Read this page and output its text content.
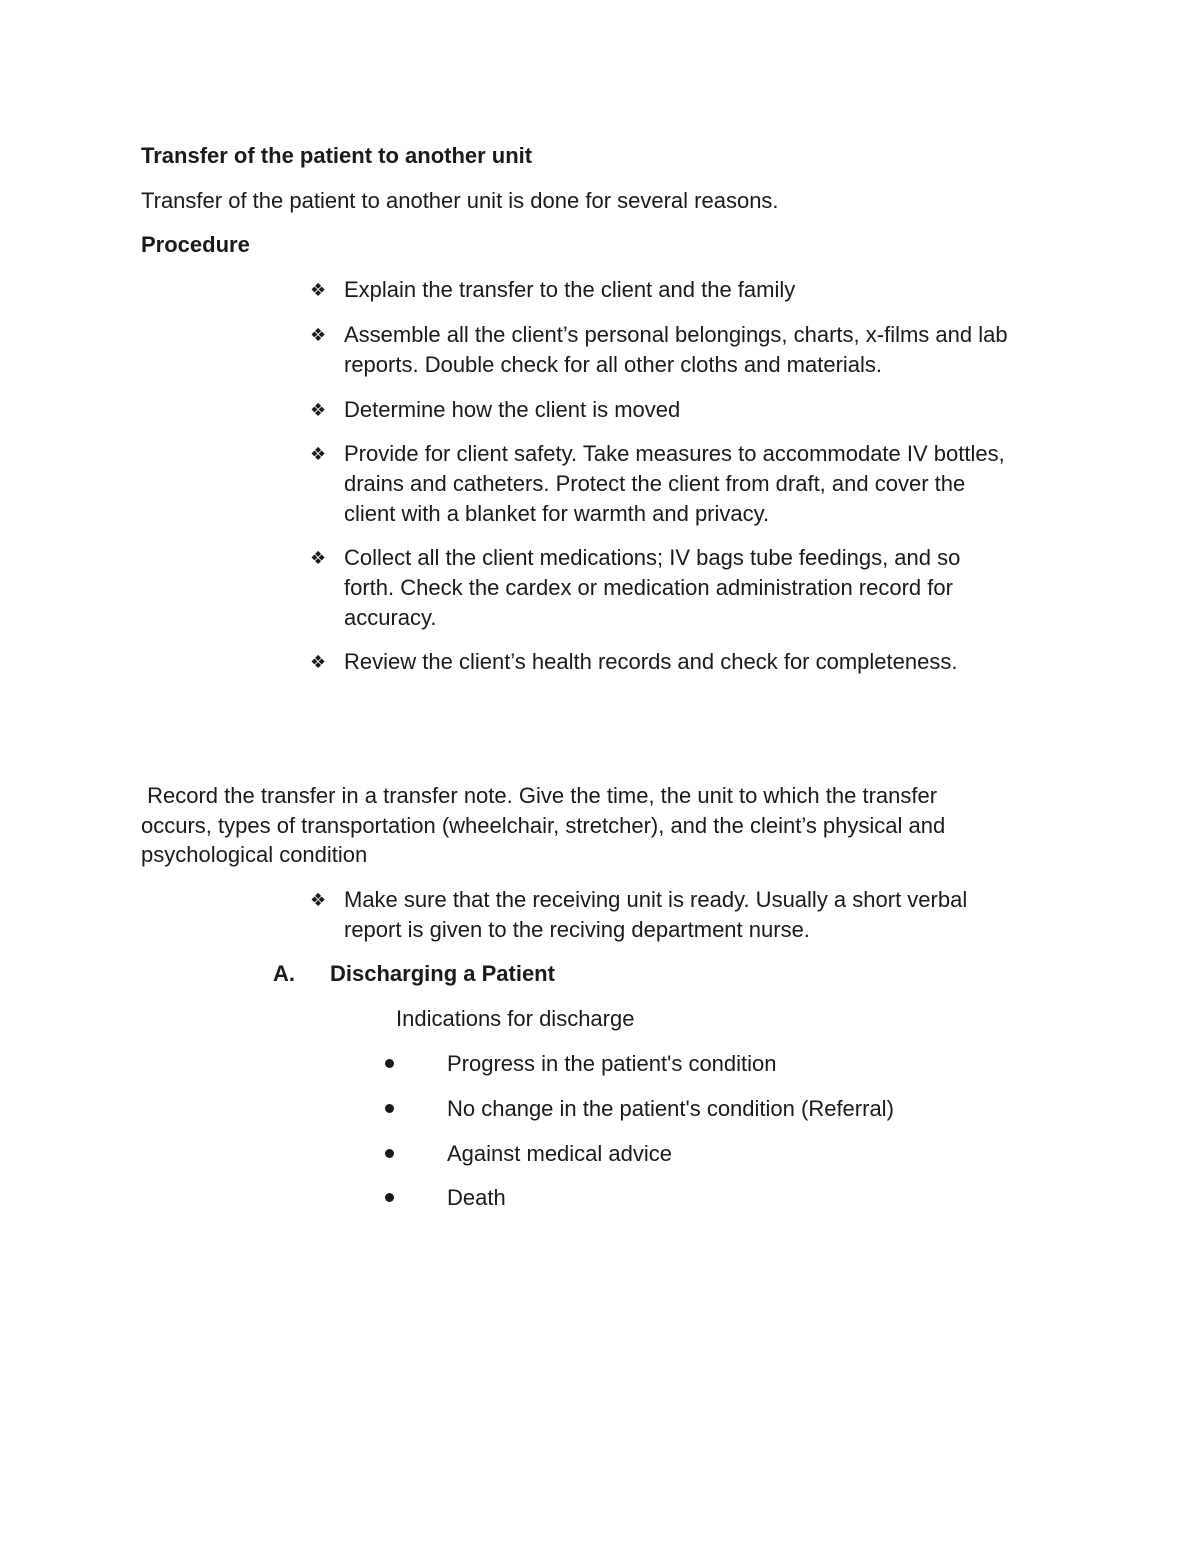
Transfer of the patient to another unit
Transfer of the patient to another unit is done for several reasons.
Procedure
❖ Explain the transfer to the client and the family
❖ Assemble all the client’s personal belongings, charts, x-films and lab
reports. Double check for all other cloths and materials.
❖ Determine how the client is moved
❖ Provide for client safety. Take measures to accommodate IV bottles,
drains and catheters. Protect the client from draft, and cover the
client with a blanket for warmth and privacy.
❖ Collect all the client medications; IV bags tube feedings, and so
forth. Check the cardex or medication administration record for
accuracy.
❖ Review the client’s health records and check for completeness.
Record the transfer in a transfer note. Give the time, the unit to which the transfer
occurs, types of transportation (wheelchair, stretcher), and the cleint’s physical and
psychological condition
❖ Make sure that the receiving unit is ready. Usually a short verbal
report is given to the reciving department nurse.
A. Discharging a Patient
Indications for discharge
Progress in the patient's condition
No change in the patient's condition (Referral)
Against medical advice
Death
